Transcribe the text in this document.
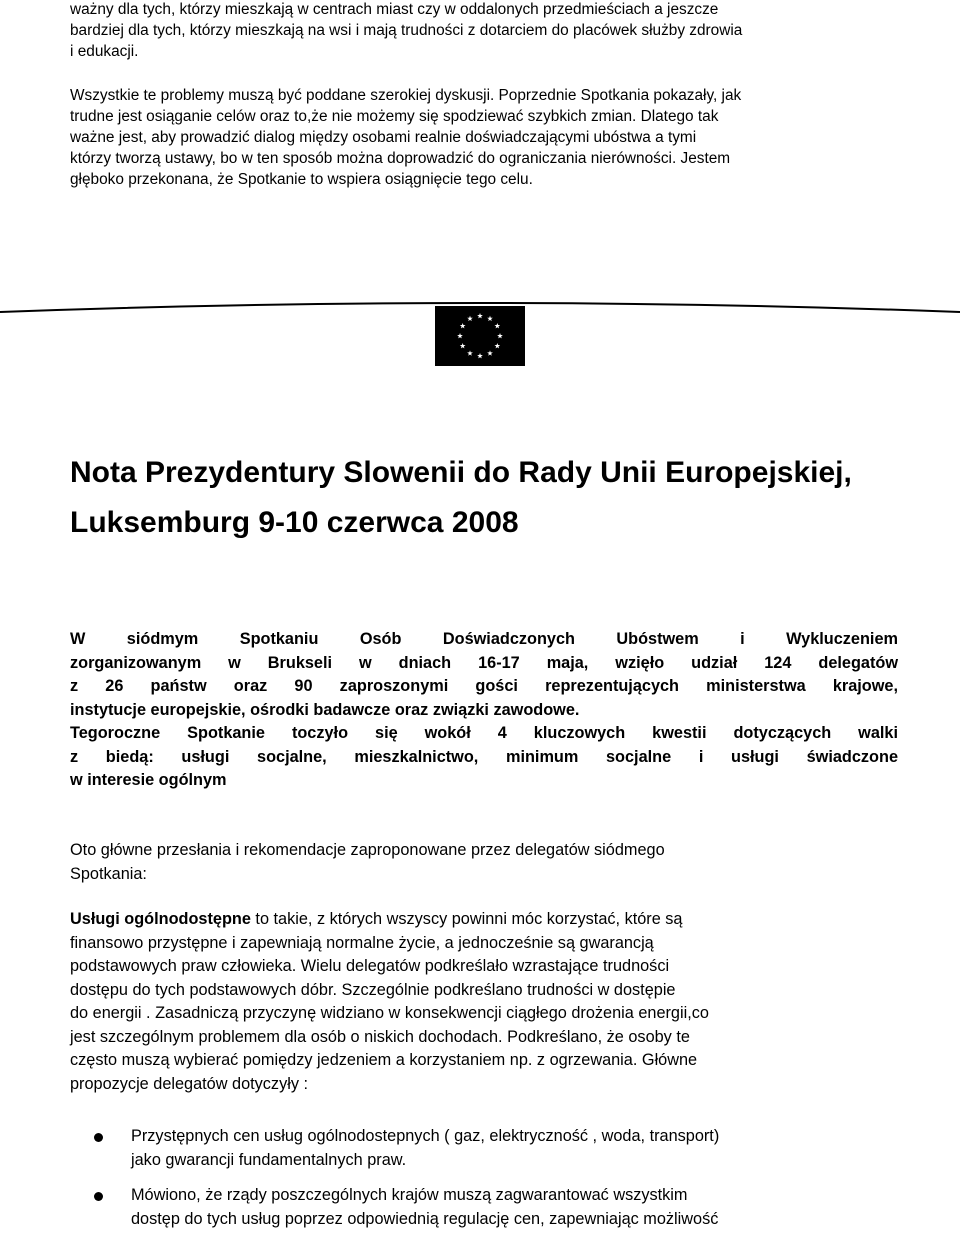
ważny dla tych, którzy mieszkają w centrach miast czy w oddalonych przedmieściach a jeszcze
bardziej dla tych, którzy mieszkają na wsi i mają trudności z dotarciem do placówek służby zdrowia
i edukacji.

Wszystkie te problemy muszą być poddane szerokiej dyskusji. Poprzednie Spotkania pokazały, jak
trudne jest osiąganie celów oraz to,że nie możemy się spodziewać szybkich zmian. Dlatego tak
ważne jest, aby prowadzić dialog między osobami realnie doświadczającymi ubóstwa a tymi
którzy tworzą ustawy, bo w ten sposób można doprowadzić do ograniczania nierówności. Jestem
głęboko przekonana, że Spotkanie to wspiera osiągnięcie tego celu.

Nota Prezydentury Slowenii do Rady Unii Europejskiej,
Luksemburg 9-10 czerwca 2008

W siódmym Spotkaniu Osób Doświadczonych Ubóstwem i Wykluczeniem
zorganizowanym w Brukseli w dniach 16-17 maja, wzięło udział 124 delegatów
z 26 państw oraz 90 zaproszonymi gości reprezentujących ministerstwa krajowe,
instytucje europejskie, ośrodki badawcze oraz związki zawodowe.
Tegoroczne Spotkanie toczyło się wokół 4 kluczowych kwestii dotyczących walki
z biedą: usługi socjalne, mieszkalnictwo, minimum socjalne i usługi świadczone
w interesie ogólnym

Oto główne przesłania i rekomendacje zaproponowane przez delegatów siódmego
Spotkania:

Usługi ogólnodostępne to takie, z których wszyscy powinni móc korzystać, które są
finansowo przystępne i zapewniają normalne życie, a jednocześnie są gwarancją
podstawowych praw człowieka. Wielu delegatów podkreślało wzrastające trudności
dostępu do tych podstawowych dóbr. Szczególnie podkreślano trudności w dostępie
do energii . Zasadniczą przyczynę widziano w konsekwencji ciągłego drożenia energii,co
jest szczególnym problemem dla osób o niskich dochodach. Podkreślano, że osoby te
często muszą wybierać pomiędzy jedzeniem a korzystaniem np. z ogrzewania. Główne
propozycje delegatów dotyczyły :

Przystępnych cen usług ogólnodostepnych ( gaz, elektryczność , woda, transport)
jako gwarancji fundamentalnych praw.
Mówiono, że rządy poszczególnych krajów muszą zagwarantować wszystkim
dostęp do tych usług poprzez odpowiednią regulację cen, zapewniając możliwość
